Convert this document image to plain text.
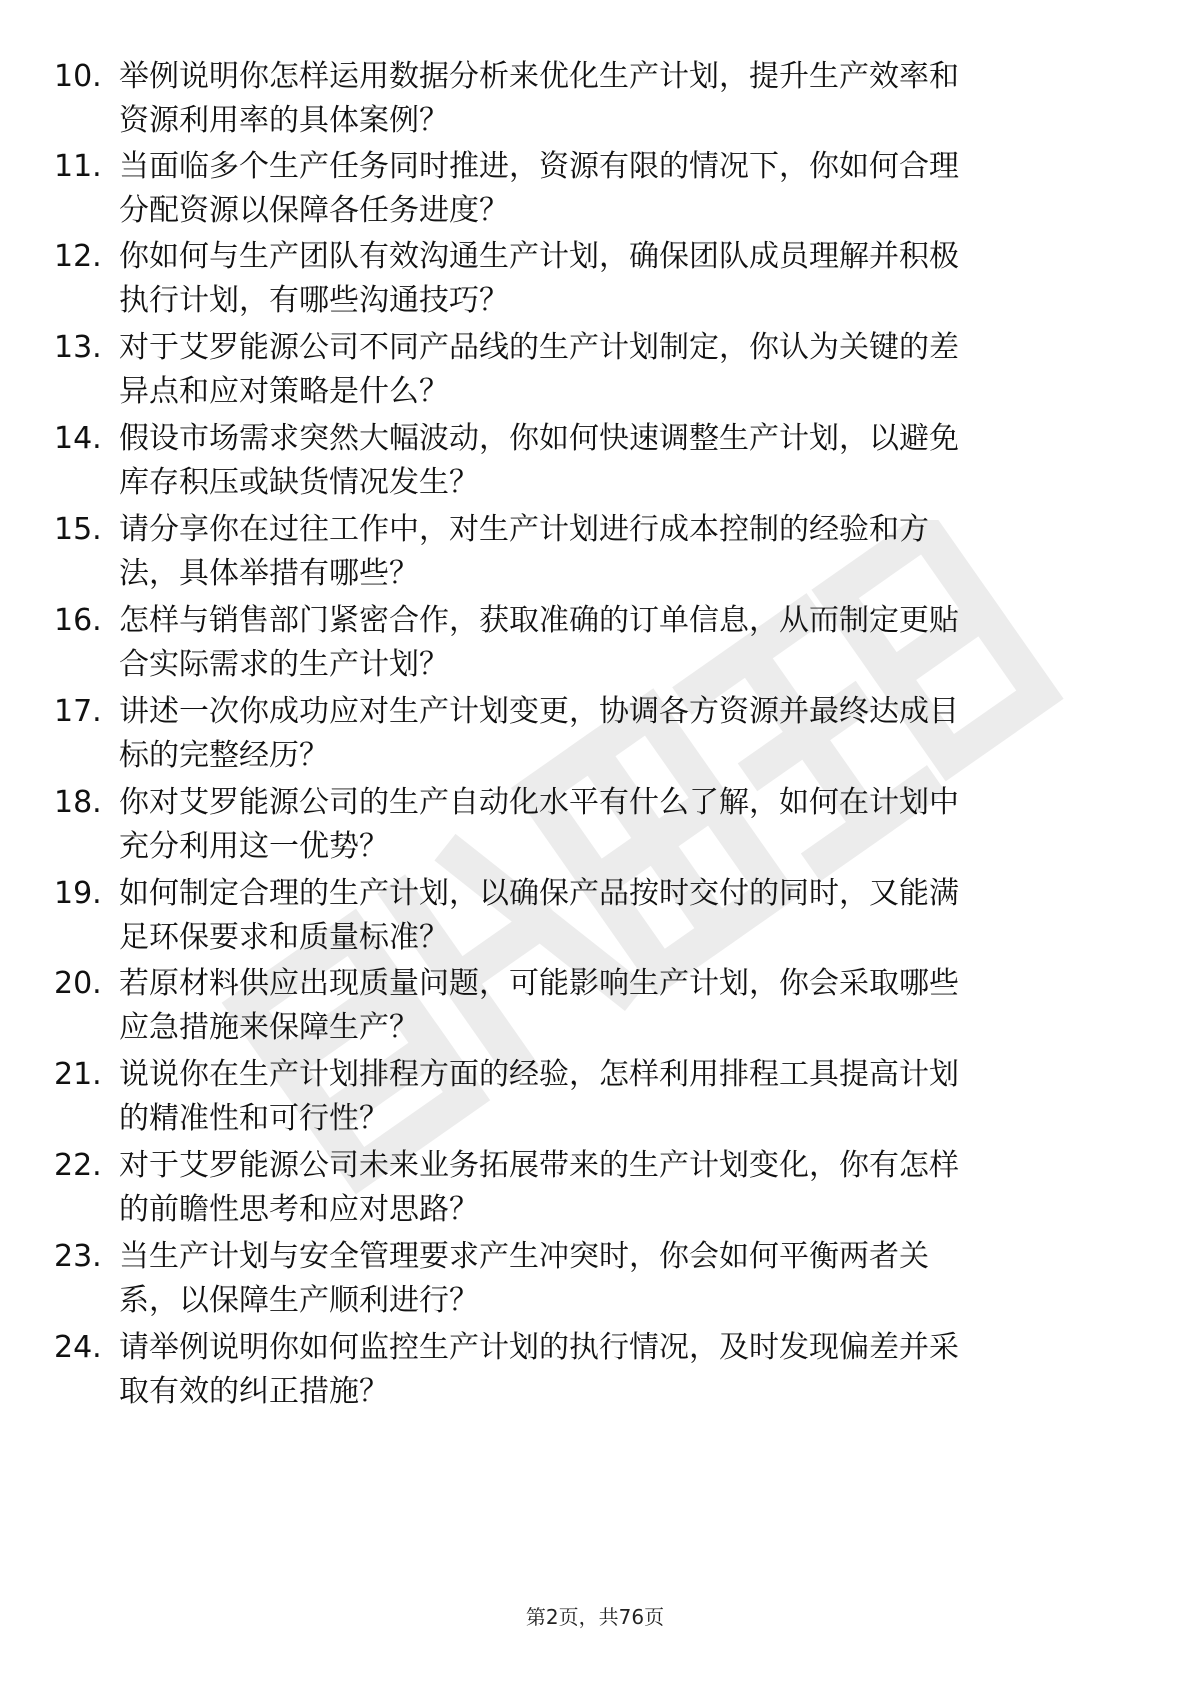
10. 举例说明你怎样运用数据分析来优化生产计划，提升生产效率和
资源利用率的具体案例？
11. 当面临多个生产任务同时推进，资源有限的情况下，你如何合理
分配资源以保障各任务进度？
12. 你如何与生产团队有效沟通生产计划，确保团队成员理解并积极
执行计划，有哪些沟通技巧？
13. 对于艾罗能源公司不同产品线的生产计划制定，你认为关键的差
异点和应对策略是什么？
14. 假设市场需求突然大幅波动，你如何快速调整生产计划，以避免
库存积压或缺货情况发生？
15. 请分享你在过往工作中，对生产计划进行成本控制的经验和方
法，具体举措有哪些？
16. 怎样与销售部门紧密合作，获取准确的订单信息，从而制定更贴
合实际需求的生产计划？
17. 讲述一次你成功应对生产计划变更，协调各方资源并最终达成目
标的完整经历？
18. 你对艾罗能源公司的生产自动化水平有什么了解，如何在计划中
充分利用这一优势？
19. 如何制定合理的生产计划，以确保产品按时交付的同时，又能满
足环保要求和质量标准？
20. 若原材料供应出现质量问题，可能影响生产计划，你会采取哪些
应急措施来保障生产？
21. 说说你在生产计划排程方面的经验，怎样利用排程工具提高计划
的精准性和可行性？
22. 对于艾罗能源公司未来业务拓展带来的生产计划变化，你有怎样
的前瞻性思考和应对思路？
23. 当生产计划与安全管理要求产生冲突时，你会如何平衡两者关
系，以保障生产顺利进行？
24. 请举例说明你如何监控生产计划的执行情况，及时发现偏差并采
取有效的纠正措施？
第2页，共76页
